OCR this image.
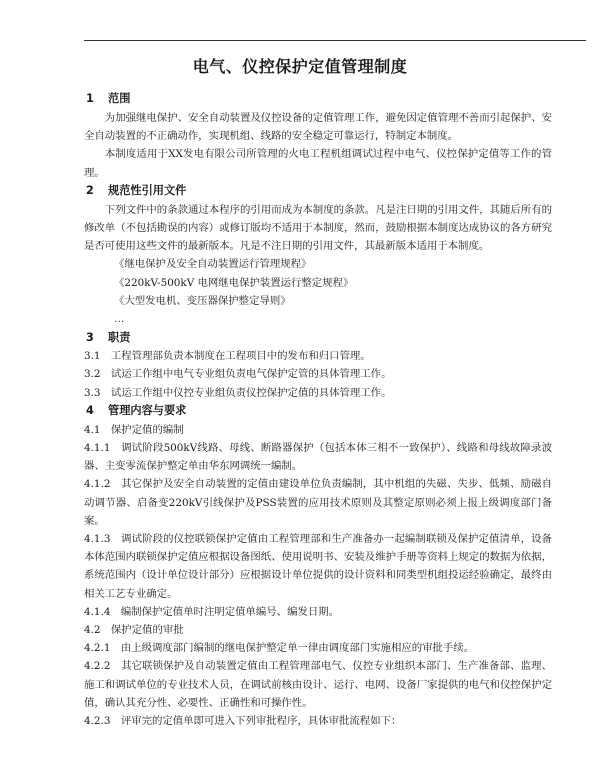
电气、仪控保护定值管理制度
1	范围

为加强继电保护、安全自动装置及仪控设备的定值管理工作，避免因定值管理不善而引起保护、安全自动装置的不正确动作，实现机组、线路的安全稳定可靠运行，特制定本制度。

本制度适用于XX发电有限公司所管理的火电工程机组调试过程中电气、仪控保护定值等工作的管理。

2	规范性引用文件

下列文件中的条款通过本程序的引用而成为本制度的条款。凡是注日期的引用文件，其随后所有的修改单（不包括勘误的内容）或修订版均不适用于本制度，然而，鼓励根据本制度达成协议的各方研究是否可使用这些文件的最新版本。凡是不注日期的引用文件，其最新版本适用于本制度。

《继电保护及安全自动装置运行管理规程》

《220kV-500kV 电网继电保护装置运行整定规程》

《大型发电机、变压器保护整定导则》

…

3	职责

3.1　工程管理部负责本制度在工程项目中的发布和归口管理。

3.2　试运工作组中电气专业组负责电气保护定管的具体管理工作。

3.3　试运工作组中仪控专业组负责仪控保护定值的具体管理工作。

4	管理内容与要求

4.1　保护定值的编制

4.1.1　调试阶段500kV线路、母线、断路器保护（包括本体三相不一致保护）、线路和母线故障录波器、主变零流保护整定单由华东网调统一编制。

4.1.2　其它保护及安全自动装置的定值由建设单位负责编制，其中机组的失磁、失步、低频、励磁自动调节器、启备变220kV引线保护及PSS装置的应用技术原则及其整定原则必须上报上级调度部门备案。

4.1.3　调试阶段的仪控联锁保护定值由工程管理部和生产准备办一起编制联锁及保护定值清单，设备本体范围内联锁保护定值应根据设备图纸、使用说明书、安装及维护手册等资料上规定的数据为依据，系统范围内（设计单位设计部分）应根据设计单位提供的设计资料和同类型机组投运经验确定，最终由相关工艺专业确定。

4.1.4　编制保护定值单时注明定值单编号、编发日期。

4.2　保护定值的审批

4.2.1　由上级调度部门编制的继电保护整定单一律由调度部门实施相应的审批手续。

4.2.2　其它联锁保护及自动装置定值由工程管理部电气、仪控专业组织本部门、生产准备部、监理、施工和调试单位的专业技术人员，在调试前核由设计、运行、电网、设备厂家提供的电气和仪控保护定值，确认其充分性、必要性、正确性和可操作性。

4.2.3　评审完的定值单即可进入下列审批程序，具体审批流程如下：
